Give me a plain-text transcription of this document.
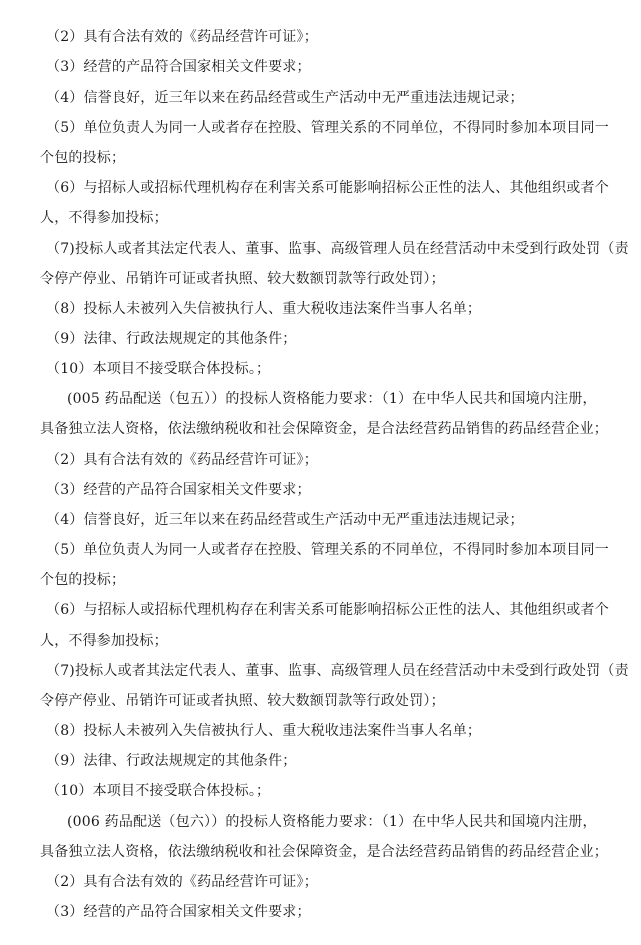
（2）具有合法有效的《药品经营许可证》；
（3）经营的产品符合国家相关文件要求；
（4）信誉良好，近三年以来在药品经营或生产活动中无严重违法违规记录；
（5）单位负责人为同一人或者存在控股、管理关系的不同单位，不得同时参加本项目同一
个包的投标；
（6）与招标人或招标代理机构存在利害关系可能影响招标公正性的法人、其他组织或者个
人，不得参加投标；
（7)投标人或者其法定代表人、董事、监事、高级管理人员在经营活动中未受到行政处罚（责
令停产停业、吊销许可证或者执照、较大数额罚款等行政处罚）；
（8）投标人未被列入失信被执行人、重大税收违法案件当事人名单；
（9）法律、行政法规规定的其他条件；
（10）本项目不接受联合体投标。；
(005 药品配送（包五））的投标人资格能力要求：（1）在中华人民共和国境内注册，
具备独立法人资格，依法缴纳税收和社会保障资金，是合法经营药品销售的药品经营企业；
（2）具有合法有效的《药品经营许可证》；
（3）经营的产品符合国家相关文件要求；
（4）信誉良好，近三年以来在药品经营或生产活动中无严重违法违规记录；
（5）单位负责人为同一人或者存在控股、管理关系的不同单位，不得同时参加本项目同一
个包的投标；
（6）与招标人或招标代理机构存在利害关系可能影响招标公正性的法人、其他组织或者个
人，不得参加投标；
（7)投标人或者其法定代表人、董事、监事、高级管理人员在经营活动中未受到行政处罚（责
令停产停业、吊销许可证或者执照、较大数额罚款等行政处罚）；
（8）投标人未被列入失信被执行人、重大税收违法案件当事人名单；
（9）法律、行政法规规定的其他条件；
（10）本项目不接受联合体投标。；
(006 药品配送（包六））的投标人资格能力要求：（1）在中华人民共和国境内注册，
具备独立法人资格，依法缴纳税收和社会保障资金，是合法经营药品销售的药品经营企业；
（2）具有合法有效的《药品经营许可证》；
（3）经营的产品符合国家相关文件要求；
